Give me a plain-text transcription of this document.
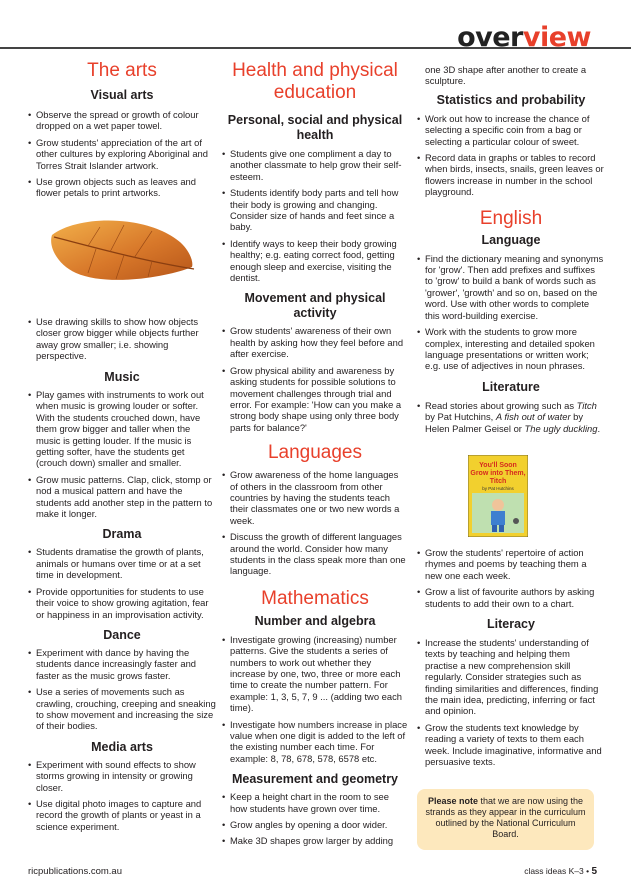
overview
The arts
Visual arts
• Observe the spread or growth of colour dropped on a wet paper towel.
• Grow students' appreciation of the art of other cultures by exploring Aboriginal and Torres Strait Islander artwork.
• Use grown objects such as leaves and flower petals to print artworks.
• Use drawing skills to show how objects closer grow bigger while objects further away grow smaller; i.e. showing perspective.
Music
• Play games with instruments to work out when music is growing louder or softer. With the students crouched down, have them grow bigger and taller when the music is getting louder. If the music is getting softer, have the students get (crouch down) smaller and smaller.
• Grow music patterns. Clap, click, stomp or nod a musical pattern and have the students add another step in the pattern to make it longer.
Drama
• Students dramatise the growth of plants, animals or humans over time or at a set time in development.
• Provide opportunities for students to use their voice to show growing agitation, fear or happiness in an improvisation activity.
Dance
• Experiment with dance by having the students dance increasingly faster and faster as the music grows faster.
• Use a series of movements such as crawling, crouching, creeping and sneaking to show movement and increasing the size of their bodies.
Media arts
• Experiment with sound effects to show storms growing in intensity or growing closer.
• Use digital photo images to capture and record the growth of plants or yeast in a science experiment.
Health and physical education
Personal, social and physical health
• Students give one compliment a day to another classmate to help grow their self-esteem.
• Students identify body parts and tell how their body is growing and changing. Consider size of hands and feet since a baby.
• Identify ways to keep their body growing healthy; e.g. eating correct food, getting enough sleep and exercise, visiting the dentist.
Movement and physical activity
• Grow students' awareness of their own health by asking how they feel before and after exercise.
• Grow physical ability and awareness by asking students for possible solutions to movement challenges through trial and error. For example: 'How can you make a strong body shape using only three body parts for balance?'
Languages
• Grow awareness of the home languages of others in the classroom from other countries by having the students teach their classmates one or two new words a week.
• Discuss the growth of different languages around the world. Consider how many students in the class speak more than one language.
Mathematics
Number and algebra
• Investigate growing (increasing) number patterns. Give the students a series of numbers to work out whether they increase by one, two, three or more each time to create the number pattern. For example: 1, 3, 5, 7, 9 ... (adding two each time).
• Investigate how numbers increase in place value when one digit is added to the left of the existing number each time. For example: 8, 78, 678, 578, 6578 etc.
Measurement and geometry
• Keep a height chart in the room to see how students have grown over time.
• Grow angles by opening a door wider.
• Make 3D shapes grow larger by adding
one 3D shape after another to create a sculpture.
Statistics and probability
• Work out how to increase the chance of selecting a specific coin from a bag or selecting a particular colour of sweet.
• Record data in graphs or tables to record when birds, insects, snails, green leaves or flowers increase in number in the school playground.
English
Language
• Find the dictionary meaning and synonyms for 'grow'. Then add prefixes and suffixes to 'grow' to build a bank of words such as 'grower', 'growth' and so on, based on the word. Use with other words to complete this word-building exercise.
• Work with the students to grow more complex, interesting and detailed spoken language presentations or written work; e.g. use of adjectives in noun phrases.
Literature
• Read stories about growing such as Titch by Pat Hutchins, A fish out of water by Helen Palmer Geisel or The ugly duckling.
• Grow the students' repertoire of action rhymes and poems by teaching them a new one each week.
• Grow a list of favourite authors by asking students to add their own to a chart.
Literacy
• Increase the students' understanding of texts by teaching and helping them practise a new comprehension skill regularly. Consider strategies such as finding similarities and differences, finding the main idea, predicting, inferring or fact and opinion.
• Grow the students text knowledge by reading a variety of texts to them each week. Include imaginative, informative and persuasive texts.
You'll Soon
Grow into Them,
Titch
by Pat Hutchins
Please note that we are now using the strands as they appear in the curriculum outlined by the National Curriculum Board.
ricpublications.com.au	class ideas K–3 • 5
